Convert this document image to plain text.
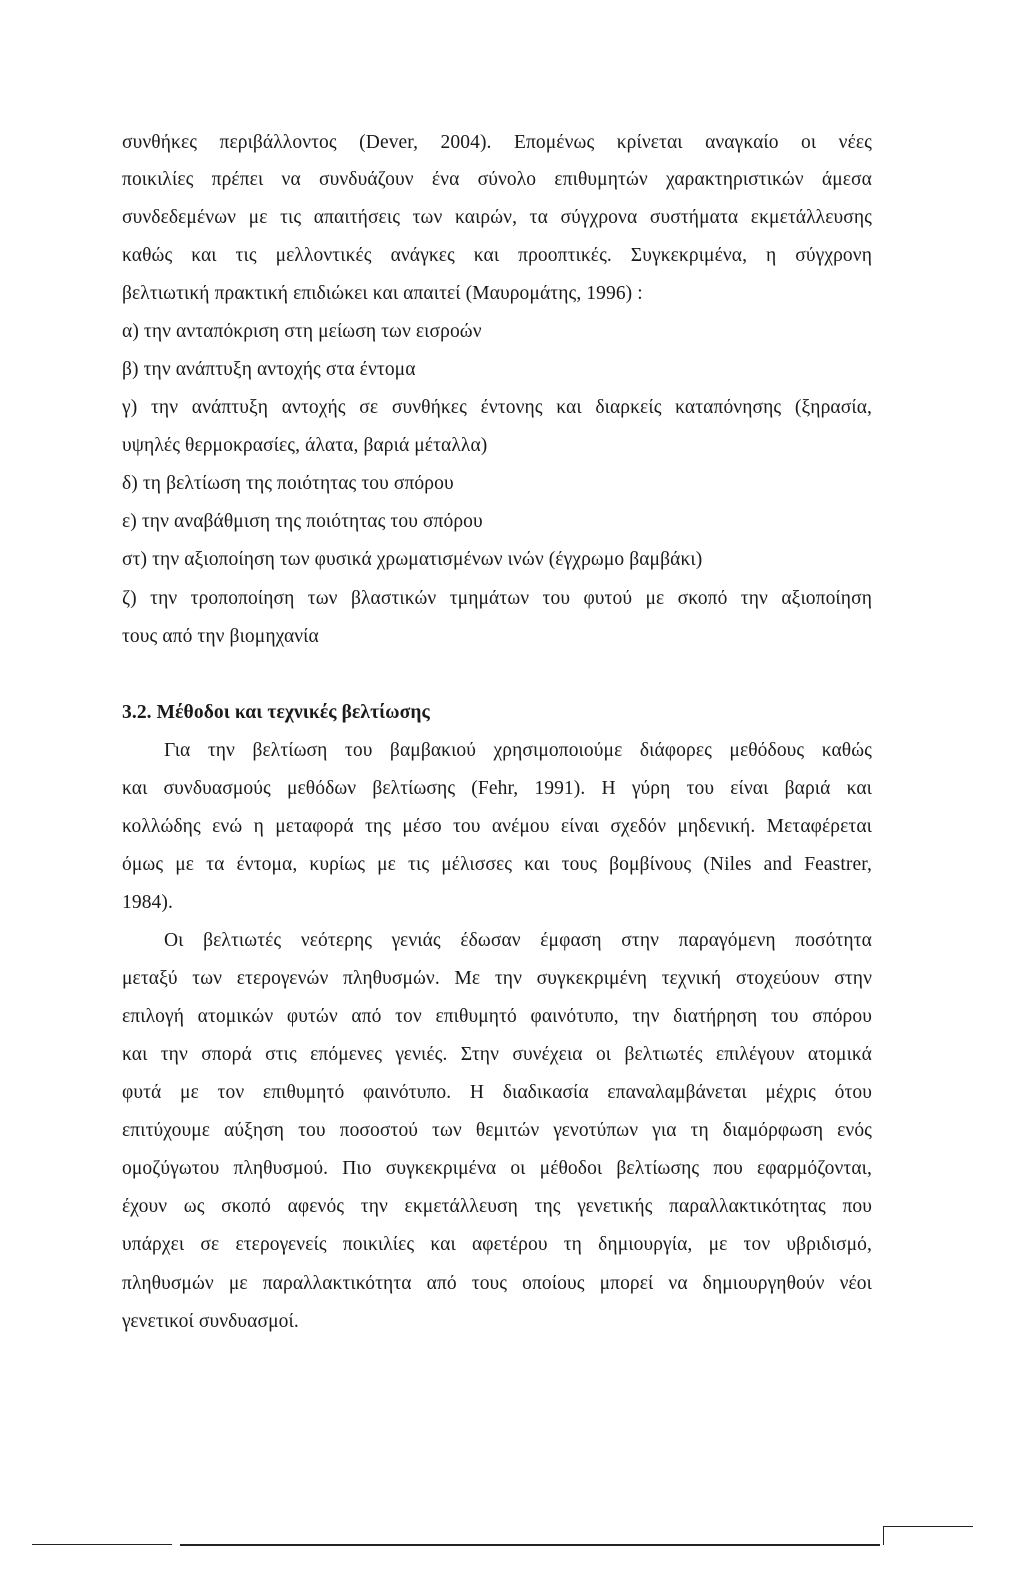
συνθήκες περιβάλλοντος (Dever, 2004). Επομένως κρίνεται αναγκαίο οι νέες
ποικιλίες πρέπει να συνδυάζουν ένα σύνολο επιθυμητών χαρακτηριστικών άμεσα
συνδεδεμένων με τις απαιτήσεις των καιρών, τα σύγχρονα συστήματα εκμετάλλευσης
καθώς και τις μελλοντικές ανάγκες και προοπτικές. Συγκεκριμένα, η σύγχρονη
βελτιωτική πρακτική επιδιώκει και απαιτεί (Μαυρομάτης, 1996) :
α) την ανταπόκριση στη μείωση των εισροών
β) την ανάπτυξη αντοχής στα έντομα
γ) την ανάπτυξη αντοχής σε συνθήκες έντονης και διαρκείς καταπόνησης (ξηρασία,
υψηλές θερμοκρασίες, άλατα, βαριά μέταλλα)
δ) τη βελτίωση της ποιότητας του σπόρου
ε) την αναβάθμιση της ποιότητας του σπόρου
στ) την αξιοποίηση των φυσικά χρωματισμένων ινών (έγχρωμο βαμβάκι)
ζ) την τροποποίηση των βλαστικών τμημάτων του φυτού με σκοπό την αξιοποίηση
τους από την βιομηχανία
3.2. Μέθοδοι και τεχνικές βελτίωσης
Για την βελτίωση του βαμβακιού χρησιμοποιούμε διάφορες μεθόδους καθώς
και συνδυασμούς μεθόδων βελτίωσης (Fehr, 1991). Η γύρη του είναι βαριά και
κολλώδης ενώ η μεταφορά της μέσο του ανέμου είναι σχεδόν μηδενική. Μεταφέρεται
όμως με τα έντομα, κυρίως με τις μέλισσες και τους βομβίνους (Niles and Feastrer,
1984).
Οι βελτιωτές νεότερης γενιάς έδωσαν έμφαση στην παραγόμενη ποσότητα
μεταξύ των ετερογενών πληθυσμών. Με την συγκεκριμένη τεχνική στοχεύουν στην
επιλογή ατομικών φυτών από τον επιθυμητό φαινότυπο, την διατήρηση του σπόρου
και την σπορά στις επόμενες γενιές. Στην συνέχεια οι βελτιωτές επιλέγουν ατομικά
φυτά με τον επιθυμητό φαινότυπο. Η διαδικασία επαναλαμβάνεται μέχρις ότου
επιτύχουμε αύξηση του ποσοστού των θεμιτών γενοτύπων για τη διαμόρφωση ενός
ομοζύγωτου πληθυσμού. Πιο συγκεκριμένα οι μέθοδοι βελτίωσης που εφαρμόζονται,
έχουν ως σκοπό αφενός την εκμετάλλευση της γενετικής παραλλακτικότητας που
υπάρχει σε ετερογενείς ποικιλίες και αφετέρου τη δημιουργία, με τον υβριδισμό,
πληθυσμών με παραλλακτικότητα από τους οποίους μπορεί να δημιουργηθούν νέοι
γενετικοί συνδυασμοί.
